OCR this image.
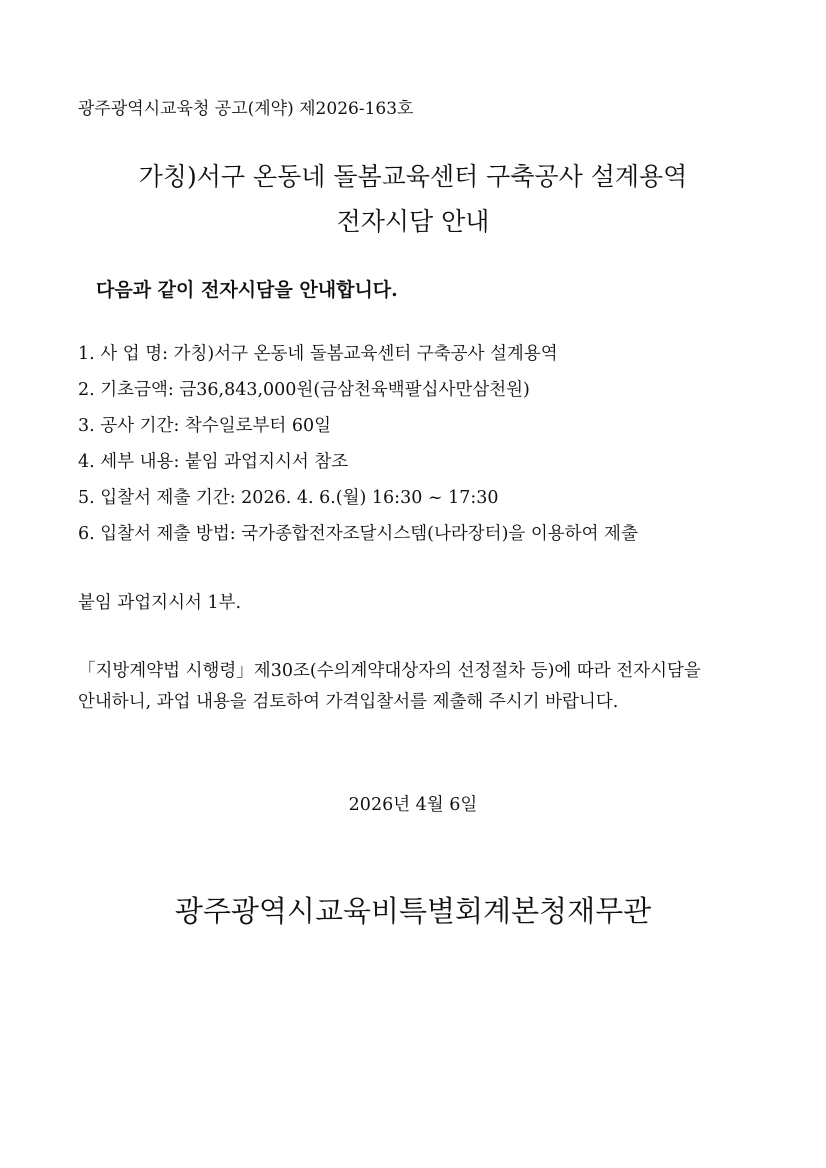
광주광역시교육청 공고(계약) 제2026-163호
가칭)서구 온동네 돌봄교육센터 구축공사 설계용역
전자시담 안내
다음과 같이 전자시담을 안내합니다.
1. 사 업 명: 가칭)서구 온동네 돌봄교육센터 구축공사 설계용역
2. 기초금액: 금36,843,000원(금삼천육백팔십사만삼천원)
3. 공사 기간: 착수일로부터 60일
4. 세부 내용: 붙임 과업지시서 참조
5. 입찰서 제출 기간: 2026. 4. 6.(월) 16:30 ~ 17:30
6. 입찰서 제출 방법: 국가종합전자조달시스템(나라장터)을 이용하여 제출
붙임 과업지시서 1부.

「지방계약법 시행령」제30조(수의계약대상자의 선정절차 등)에 따라 전자시담을
안내하니, 과업 내용을 검토하여 가격입찰서를 제출해 주시기 바랍니다.

2026년 4월 6일
광주광역시교육비특별회계본청재무관
